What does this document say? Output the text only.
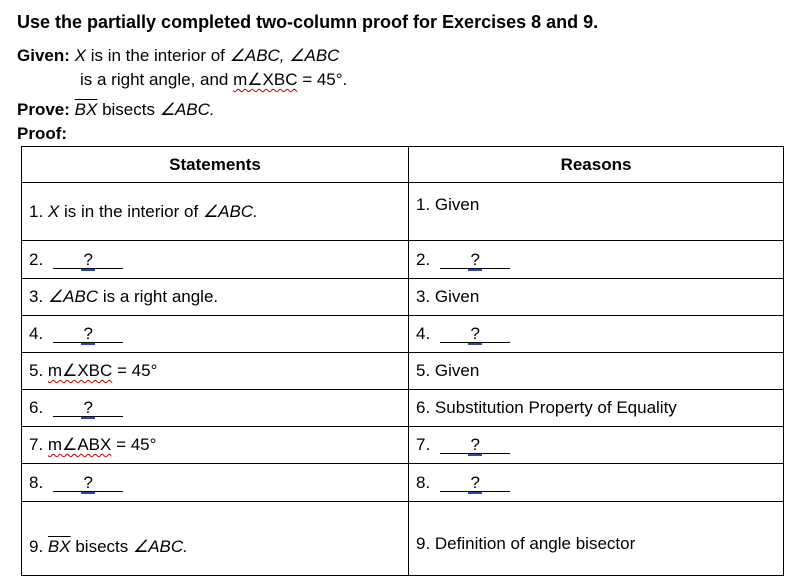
Use the partially completed two-column proof for Exercises 8 and 9.
Given: X is in the interior of ∠ABC, ∠ABC
is a right angle, and m∠XBC = 45°.
Prove: $\overline{BX}$ bisects ∠ABC.
Proof:
Statements	Reasons
1. X is in the interior of ∠ABC.	1. Given
2. ?	2. ?
3. ∠ABC is a right angle.	3. Given
4. ?	4. ?
5. m∠XBC = 45°	5. Given
6. ?	6. Substitution Property of Equality
7. m∠ABX = 45°	7. ?
8. ?	8. ?
9. $\overline{BX}$ bisects ∠ABC.	9. Definition of angle bisector
